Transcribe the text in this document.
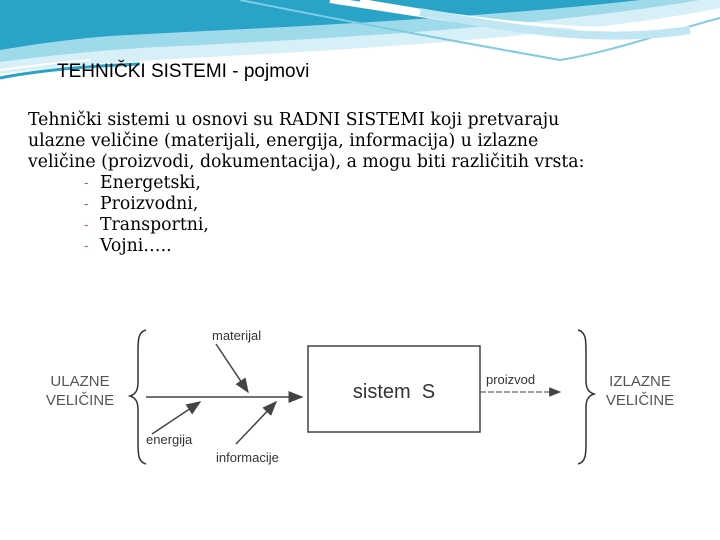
TEHNIČKI SISTEMI - pojmovi

Tehnički sistemi u osnovi su RADNI SISTEMI koji pretvaraju

ulazne veličine (materijali, energija, informacija) u izlazne

veličine (proizvodi, dokumentacija), a mogu biti različitih vrsta:

- Energetski,
- Proizvodni,
- Transportni,
- Vojni…..
ULAZNE
VELIČINE
materijal
energija
informacije
sistem  S
proizvod	IZLAZNE
VELIČINE
